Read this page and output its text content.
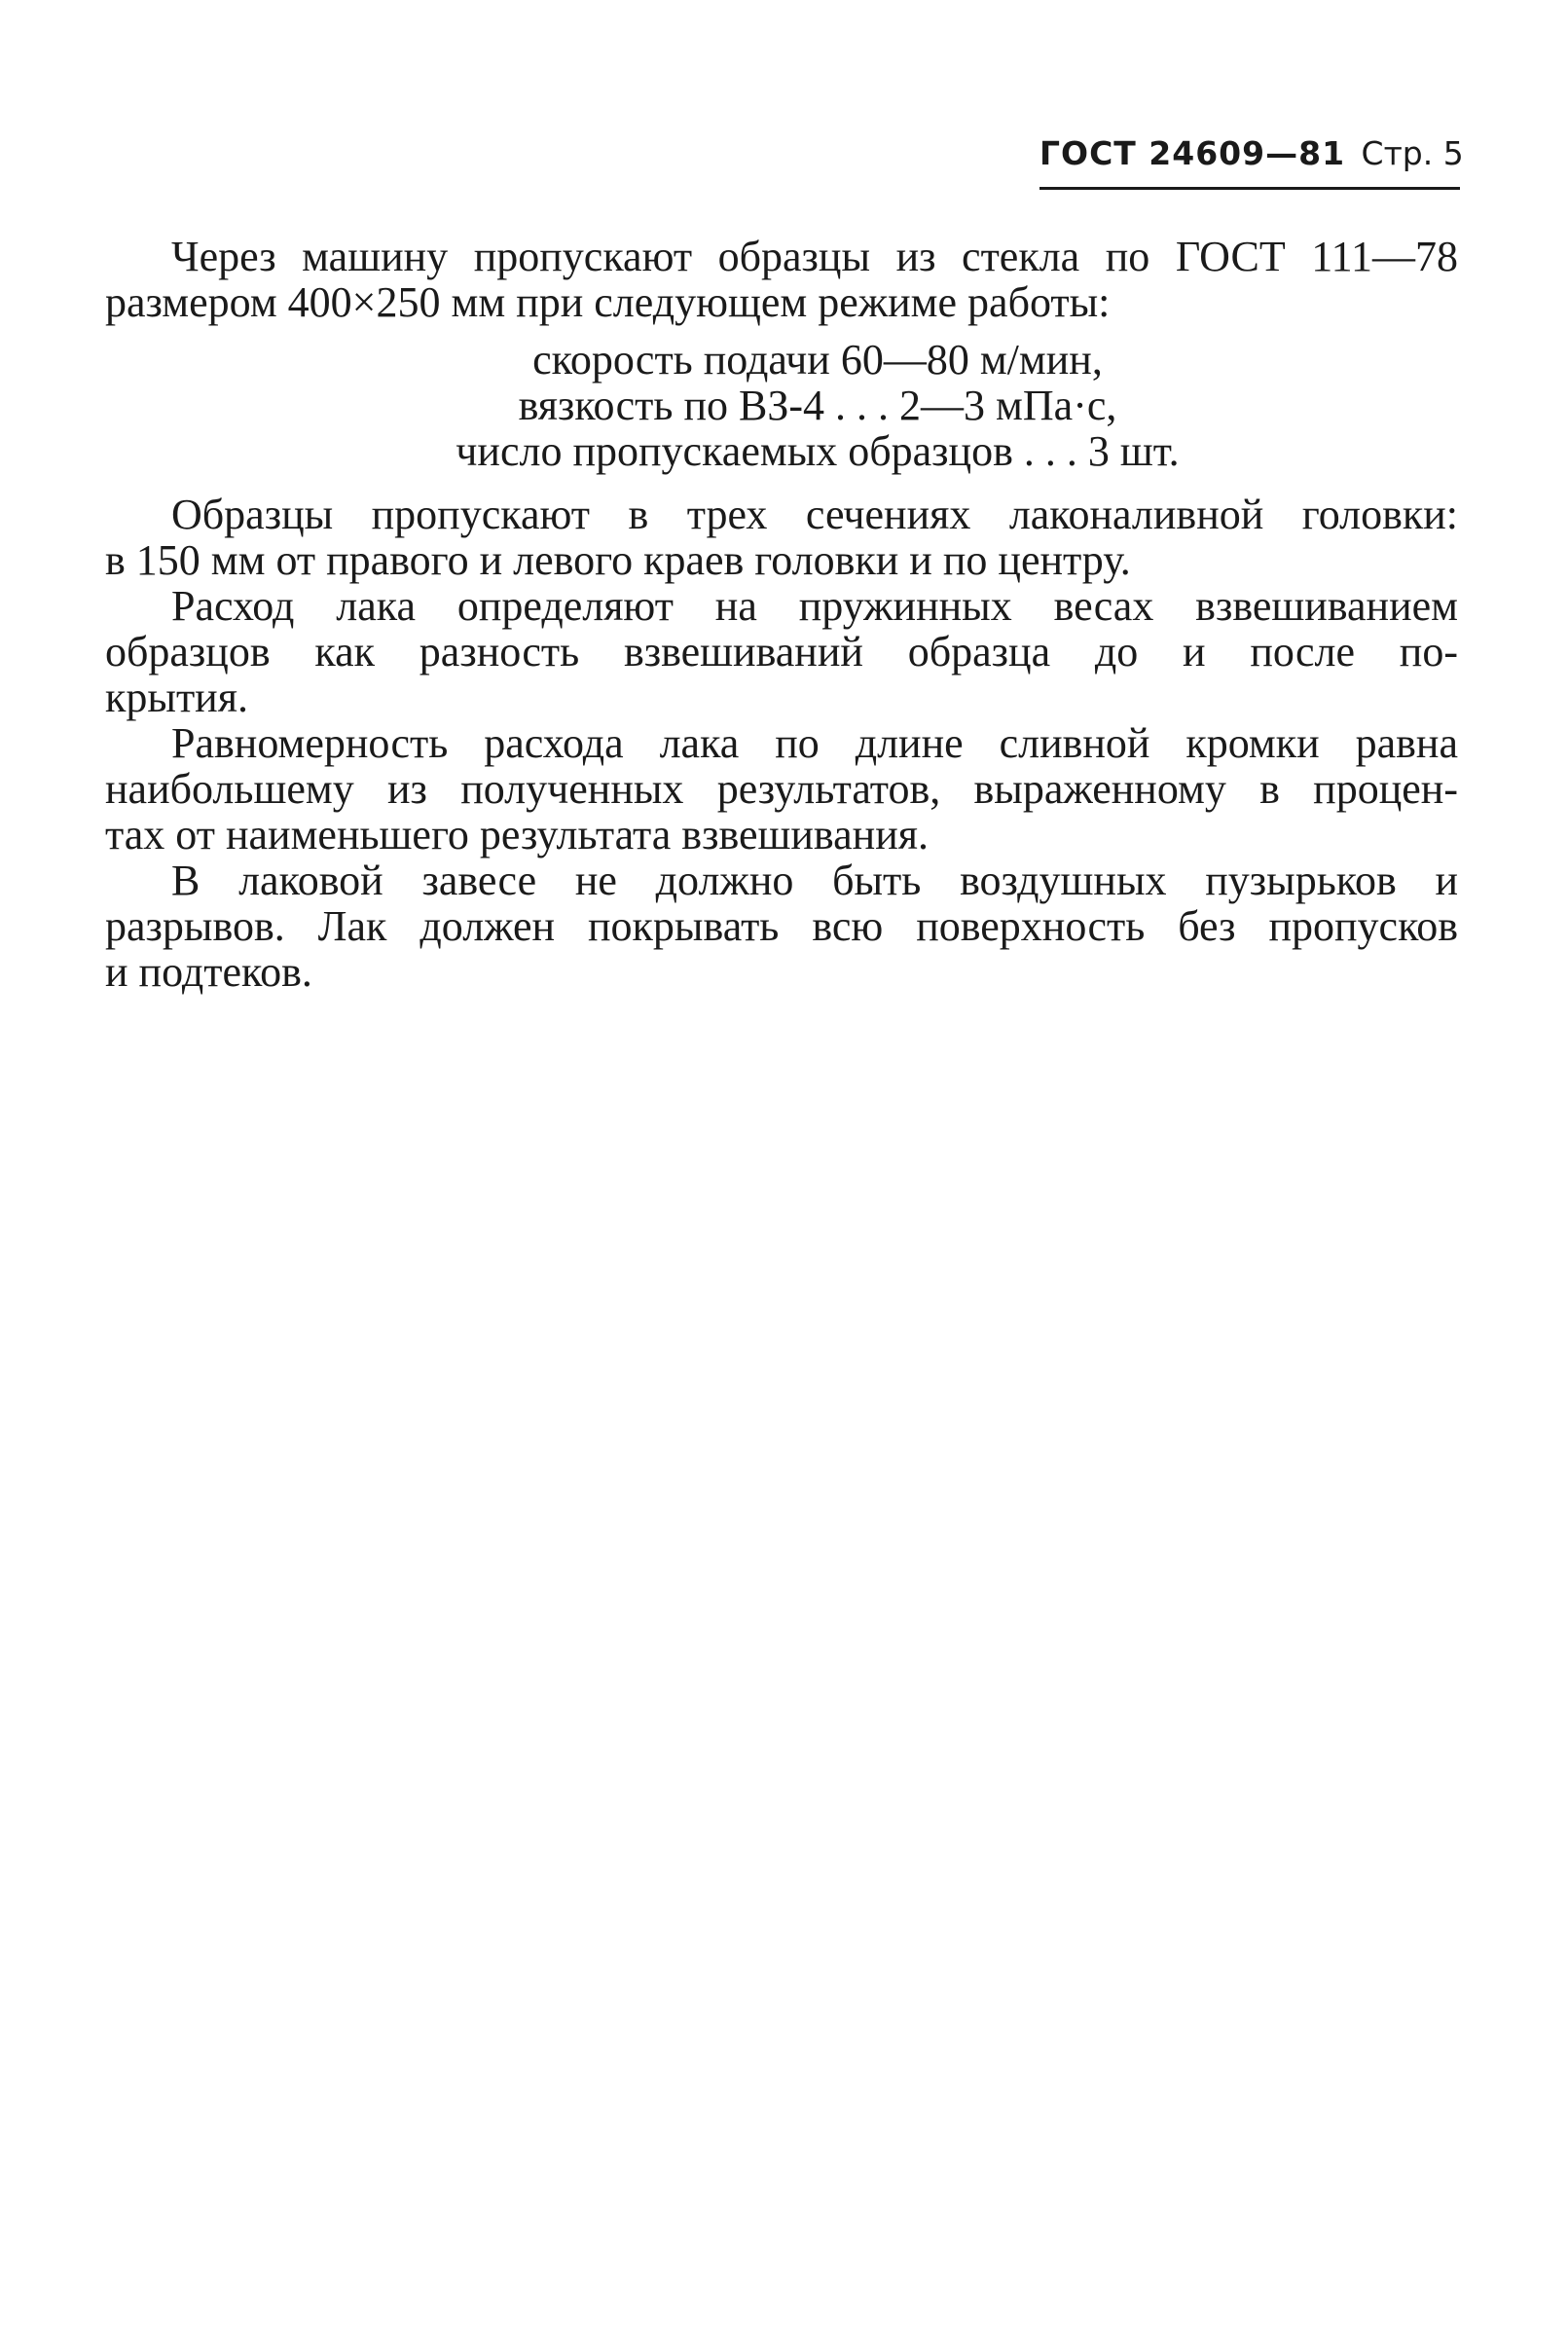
ГОСТ 24609—81 Стр. 5
Через машину пропускают образцы из стекла по ГОСТ 111—78
размером 400×250 мм при следующем режиме работы:
скорость подачи 60—80 м/мин,
вязкость по ВЗ-4 . . . 2—3 мПа·с,
число пропускаемых образцов . . . 3 шт.
Образцы пропускают в трех сечениях лаконаливной головки:
в 150 мм от правого и левого краев головки и по центру.
Расход лака определяют на пружинных весах взвешиванием
образцов как разность взвешиваний образца до и после по-
крытия.
Равномерность расхода лака по длине сливной кромки равна
наибольшему из полученных результатов, выраженному в процен-
тах от наименьшего результата взвешивания.
В лаковой завесе не должно быть воздушных пузырьков и
разрывов. Лак должен покрывать всю поверхность без пропусков
и подтеков.
